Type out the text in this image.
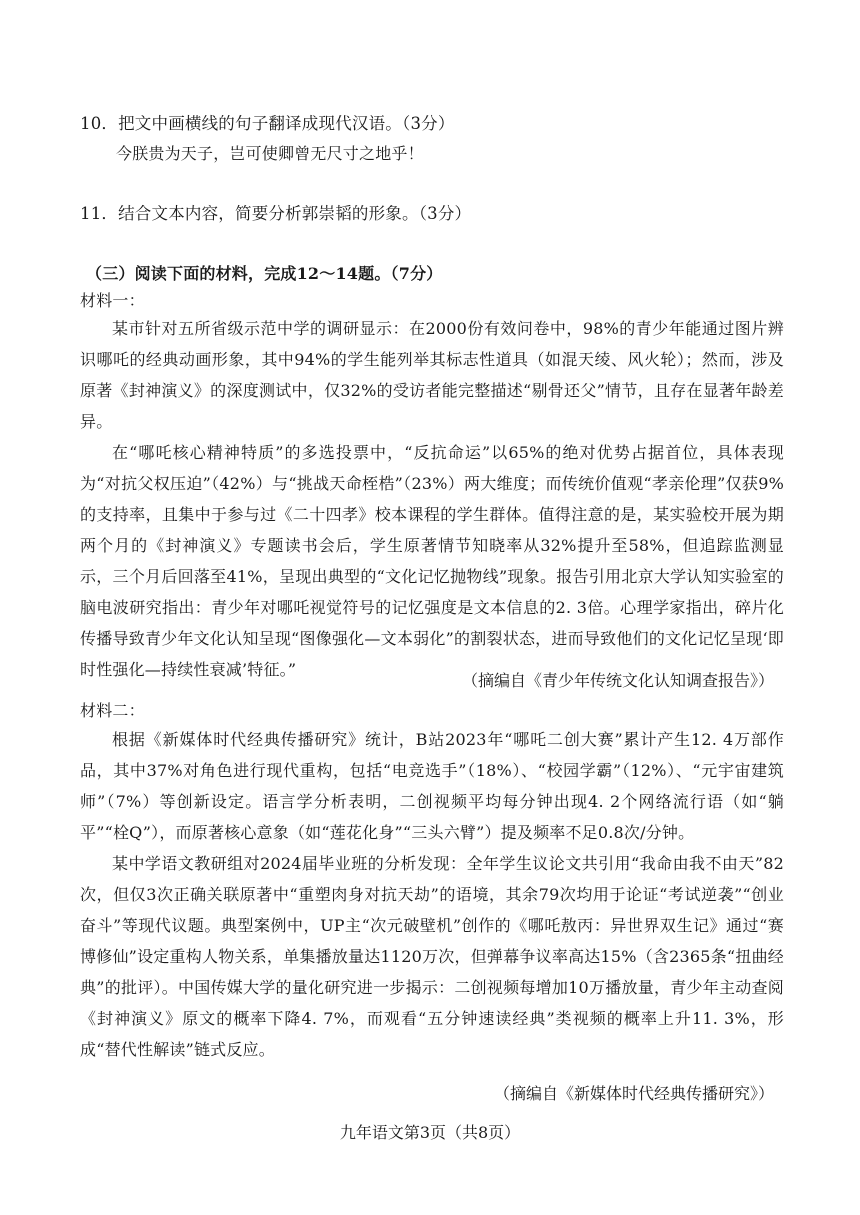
10．把文中画横线的句子翻译成现代汉语。（3分）
今朕贵为天子，岂可使卿曾无尺寸之地乎！
11．结合文本内容，简要分析郭崇韬的形象。（3分）
（三）阅读下面的材料，完成12～14题。（7分）
材料一：

某市针对五所省级示范中学的调研显示：在2000份有效问卷中，98%的青少年能通过图片辨识哪吒的经典动画形象，其中94%的学生能列举其标志性道具（如混天绫、风火轮）；然而，涉及原著《封神演义》的深度测试中，仅32%的受访者能完整描述“剔骨还父”情节，且存在显著年龄差异。

在“哪吒核心精神特质”的多选投票中，“反抗命运”以65%的绝对优势占据首位，具体表现为“对抗父权压迫”（42%）与“挑战天命桎梏”（23%）两大维度；而传统价值观“孝亲伦理”仅获9%的支持率，且集中于参与过《二十四孝》校本课程的学生群体。值得注意的是，某实验校开展为期两个月的《封神演义》专题读书会后，学生原著情节知晓率从32%提升至58%，但追踪监测显示，三个月后回落至41%，呈现出典型的“文化记忆抛物线”现象。报告引用北京大学认知实验室的脑电波研究指出：青少年对哪吒视觉符号的记忆强度是文本信息的2. 3倍。心理学家指出，碎片化传播导致青少年文化认知呈现“图像强化—文本弱化”的割裂状态，进而导致他们的文化记忆呈现‘即时性强化—持续性衰减’特征。”

（摘编自《青少年传统文化认知调查报告》）
材料二：

根据《新媒体时代经典传播研究》统计，B站2023年“哪吒二创大赛”累计产生12. 4万部作品，其中37%对角色进行现代重构，包括“电竞选手”（18%）、“校园学霸”（12%）、“元宇宙建筑师”（7%）等创新设定。语言学分析表明，二创视频平均每分钟出现4. 2个网络流行语（如“躺平”“栓Q”），而原著核心意象（如“莲花化身”“三头六臂”）提及频率不足0.8次/分钟。

某中学语文教研组对2024届毕业班的分析发现：全年学生议论文共引用“我命由我不由天”82次，但仅3次正确关联原著中“重塑肉身对抗天劫”的语境，其余79次均用于论证“考试逆袭”“创业奋斗”等现代议题。典型案例中，UP主“次元破壁机”创作的《哪吒敖丙：异世界双生记》通过“赛博修仙”设定重构人物关系，单集播放量达1120万次，但弹幕争议率高达15%（含2365条“扭曲经典”的批评）。中国传媒大学的量化研究进一步揭示：二创视频每增加10万播放量，青少年主动查阅《封神演义》原文的概率下降4. 7%，而观看“五分钟速读经典”类视频的概率上升11. 3%，形成“替代性解读”链式反应。

（摘编自《新媒体时代经典传播研究》）
九年语文第3页（共8页）
